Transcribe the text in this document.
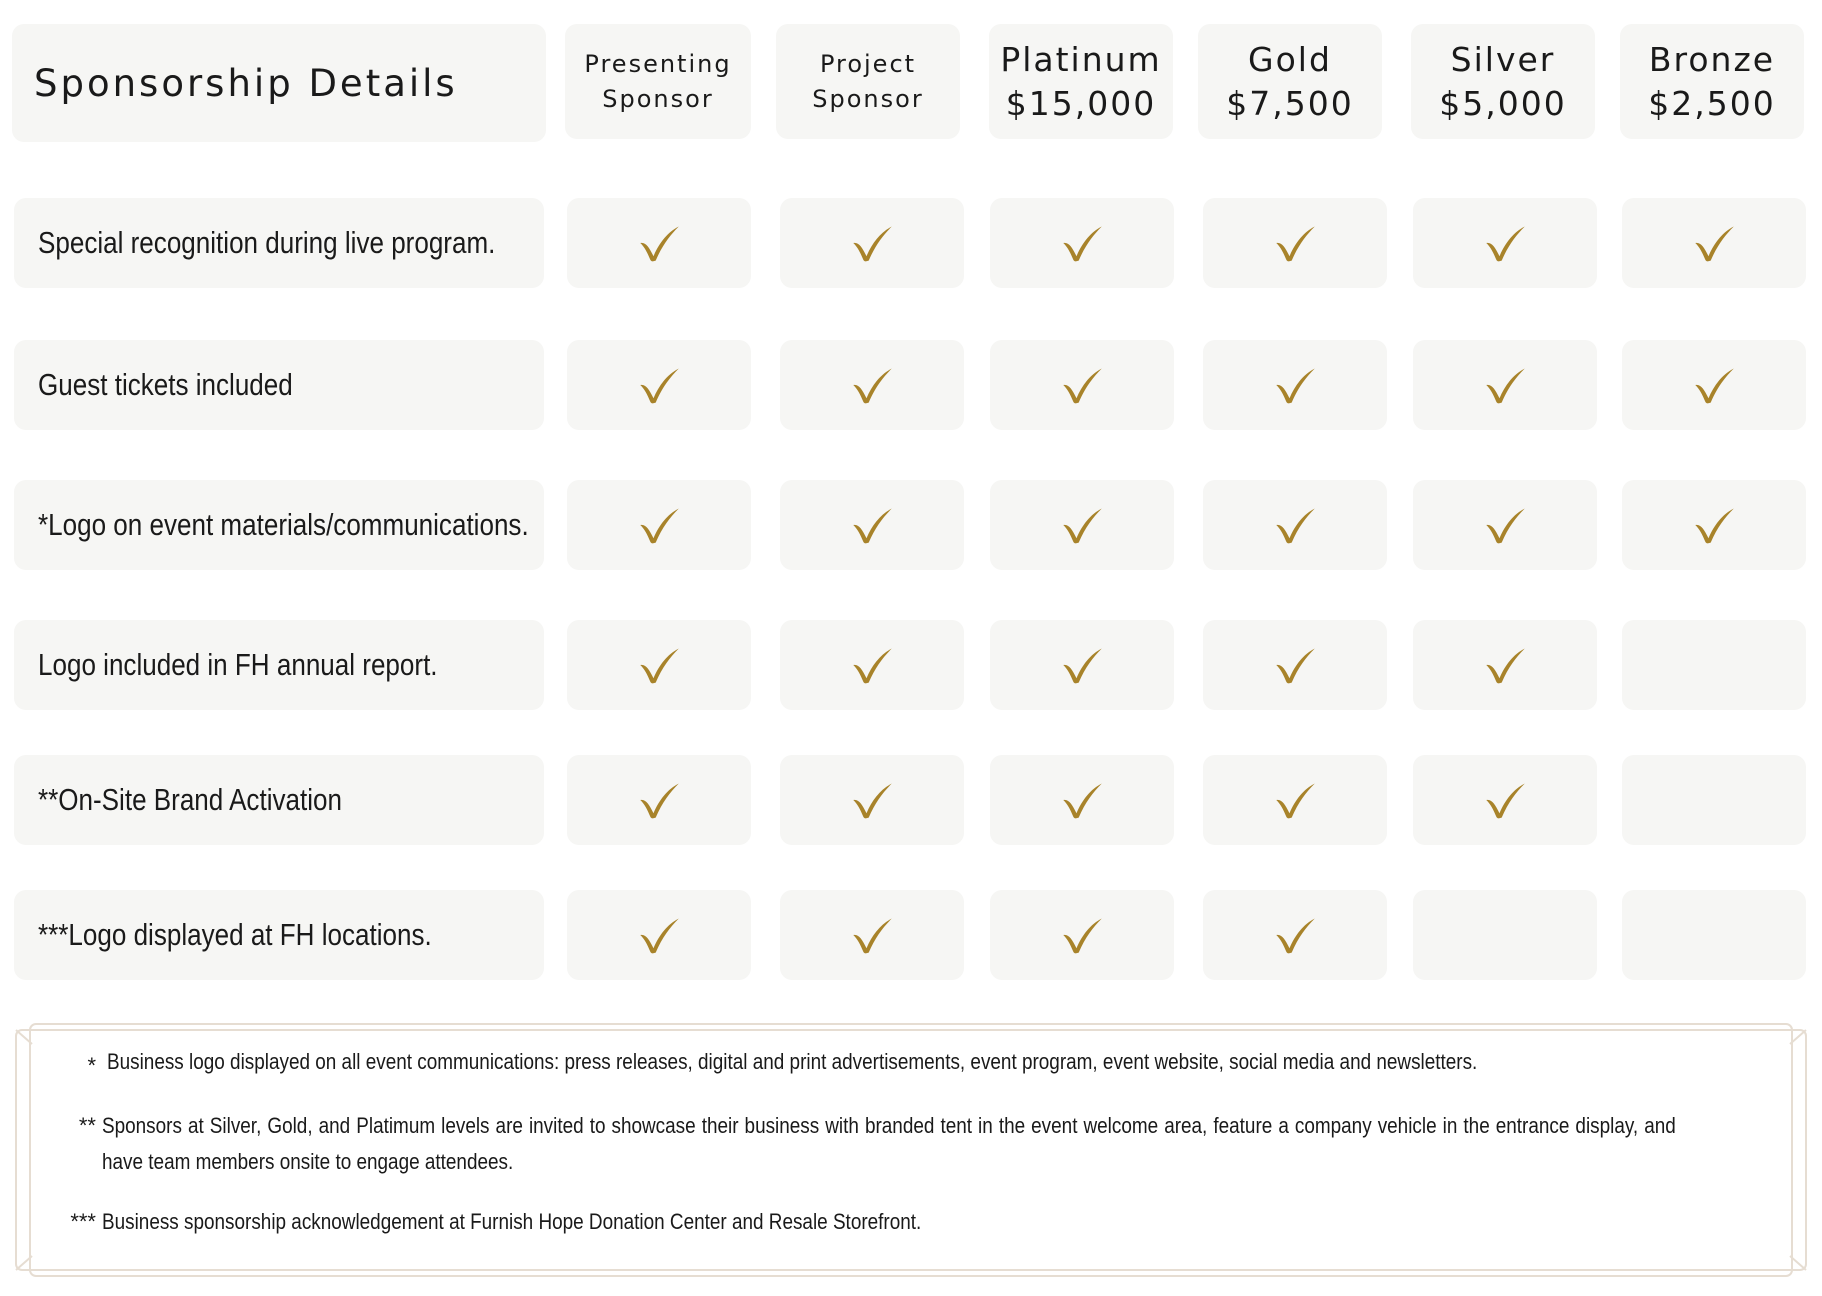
Sponsorship Details	Presenting
Sponsor
Project
Sponsor
Platinum
$15,000
Gold
$7,500
Silver
$5,000
Bronze
$2,500
Special recognition during live program.
Guest tickets included
*Logo on event materials/communications.
Logo included in FH annual report.
**On-Site Brand Activation
***Logo displayed at FH locations.
* Business logo displayed on all event communications: press releases, digital and print advertisements, event program, event website, social media and newsletters.
** Sponsors at Silver, Gold, and Platimum levels are invited to showcase their business with branded tent in the event welcome area, feature a company vehicle in the entrance display, and have team members onsite to engage attendees.
*** Business sponsorship acknowledgement at Furnish Hope Donation Center and Resale Storefront.
